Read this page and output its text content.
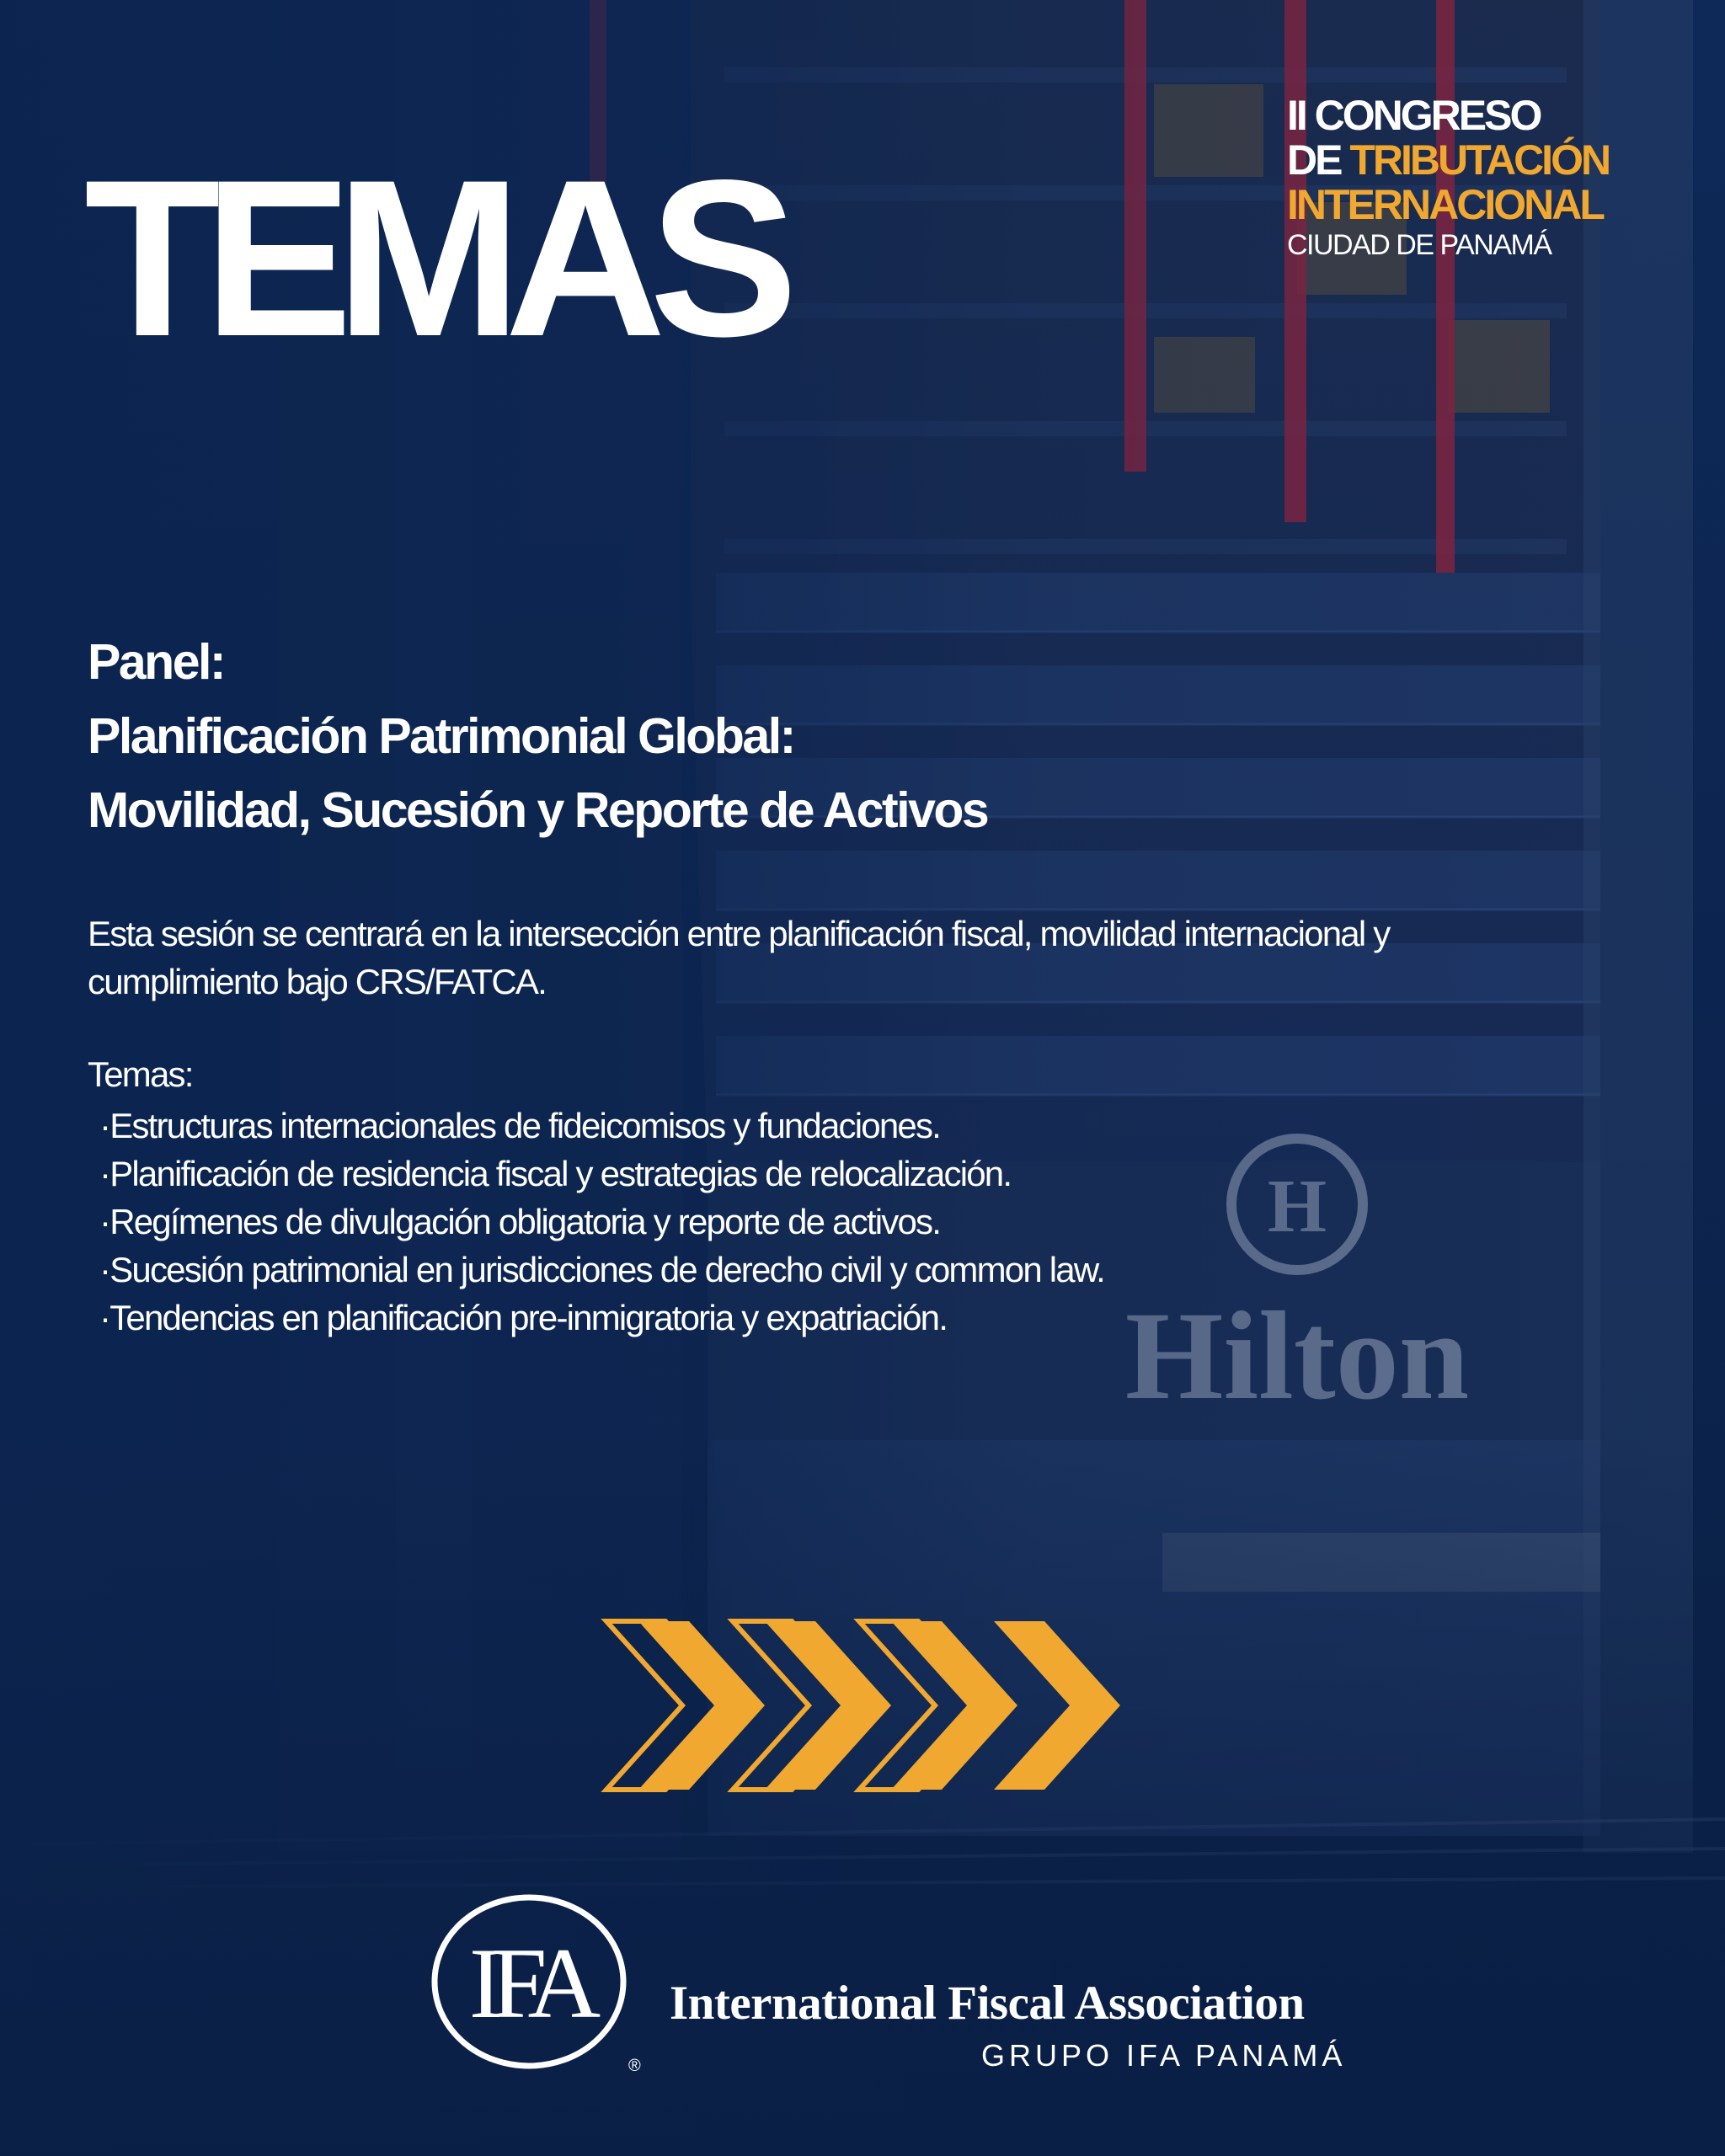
TEMAS
II CONGRESO
DE TRIBUTACIÓN
INTERNACIONAL
CIUDAD DE PANAMÁ
Panel:
Planificación Patrimonial Global:
Movilidad, Sucesión y Reporte de Activos
Esta sesión se centrará en la intersección entre planificación fiscal, movilidad internacional y cumplimiento bajo CRS/FATCA.
Temas:
· Estructuras internacionales de fideicomisos y fundaciones.
· Planificación de residencia fiscal y estrategias de relocalización.
· Regímenes de divulgación obligatoria y reporte de activos.
· Sucesión patrimonial en jurisdicciones de derecho civil y common law.
· Tendencias en planificación pre-inmigratoria y expatriación.
IFA
®
International Fiscal Association
GRUPO IFA PANAMÁ
